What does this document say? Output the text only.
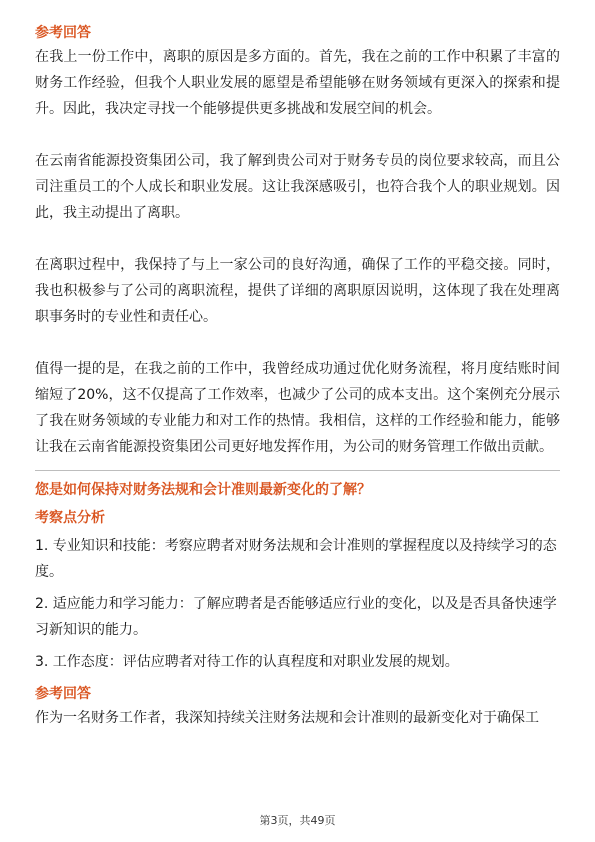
参考回答

在我上一份工作中，离职的原因是多方面的。首先，我在之前的工作中积累了丰富的财务工作经验，但我个人职业发展的愿望是希望能够在财务领域有更深入的探索和提升。因此，我决定寻找一个能够提供更多挑战和发展空间的机会。

在云南省能源投资集团公司，我了解到贵公司对于财务专员的岗位要求较高，而且公司注重员工的个人成长和职业发展。这让我深感吸引，也符合我个人的职业规划。因此，我主动提出了离职。

在离职过程中，我保持了与上一家公司的良好沟通，确保了工作的平稳交接。同时，我也积极参与了公司的离职流程，提供了详细的离职原因说明，这体现了我在处理离职事务时的专业性和责任心。

值得一提的是，在我之前的工作中，我曾经成功通过优化财务流程，将月度结账时间缩短了20%，这不仅提高了工作效率，也减少了公司的成本支出。这个案例充分展示了我在财务领域的专业能力和对工作的热情。我相信，这样的工作经验和能力，能够让我在云南省能源投资集团公司更好地发挥作用，为公司的财务管理工作做出贡献。

您是如何保持对财务法规和会计准则最新变化的了解？

考察点分析

1. 专业知识和技能：考察应聘者对财务法规和会计准则的掌握程度以及持续学习的态度。

2. 适应能力和学习能力：了解应聘者是否能够适应行业的变化，以及是否具备快速学习新知识的能力。

3. 工作态度：评估应聘者对待工作的认真程度和对职业发展的规划。

参考回答

作为一名财务工作者，我深知持续关注财务法规和会计准则的最新变化对于确保工

第3页，共49页
